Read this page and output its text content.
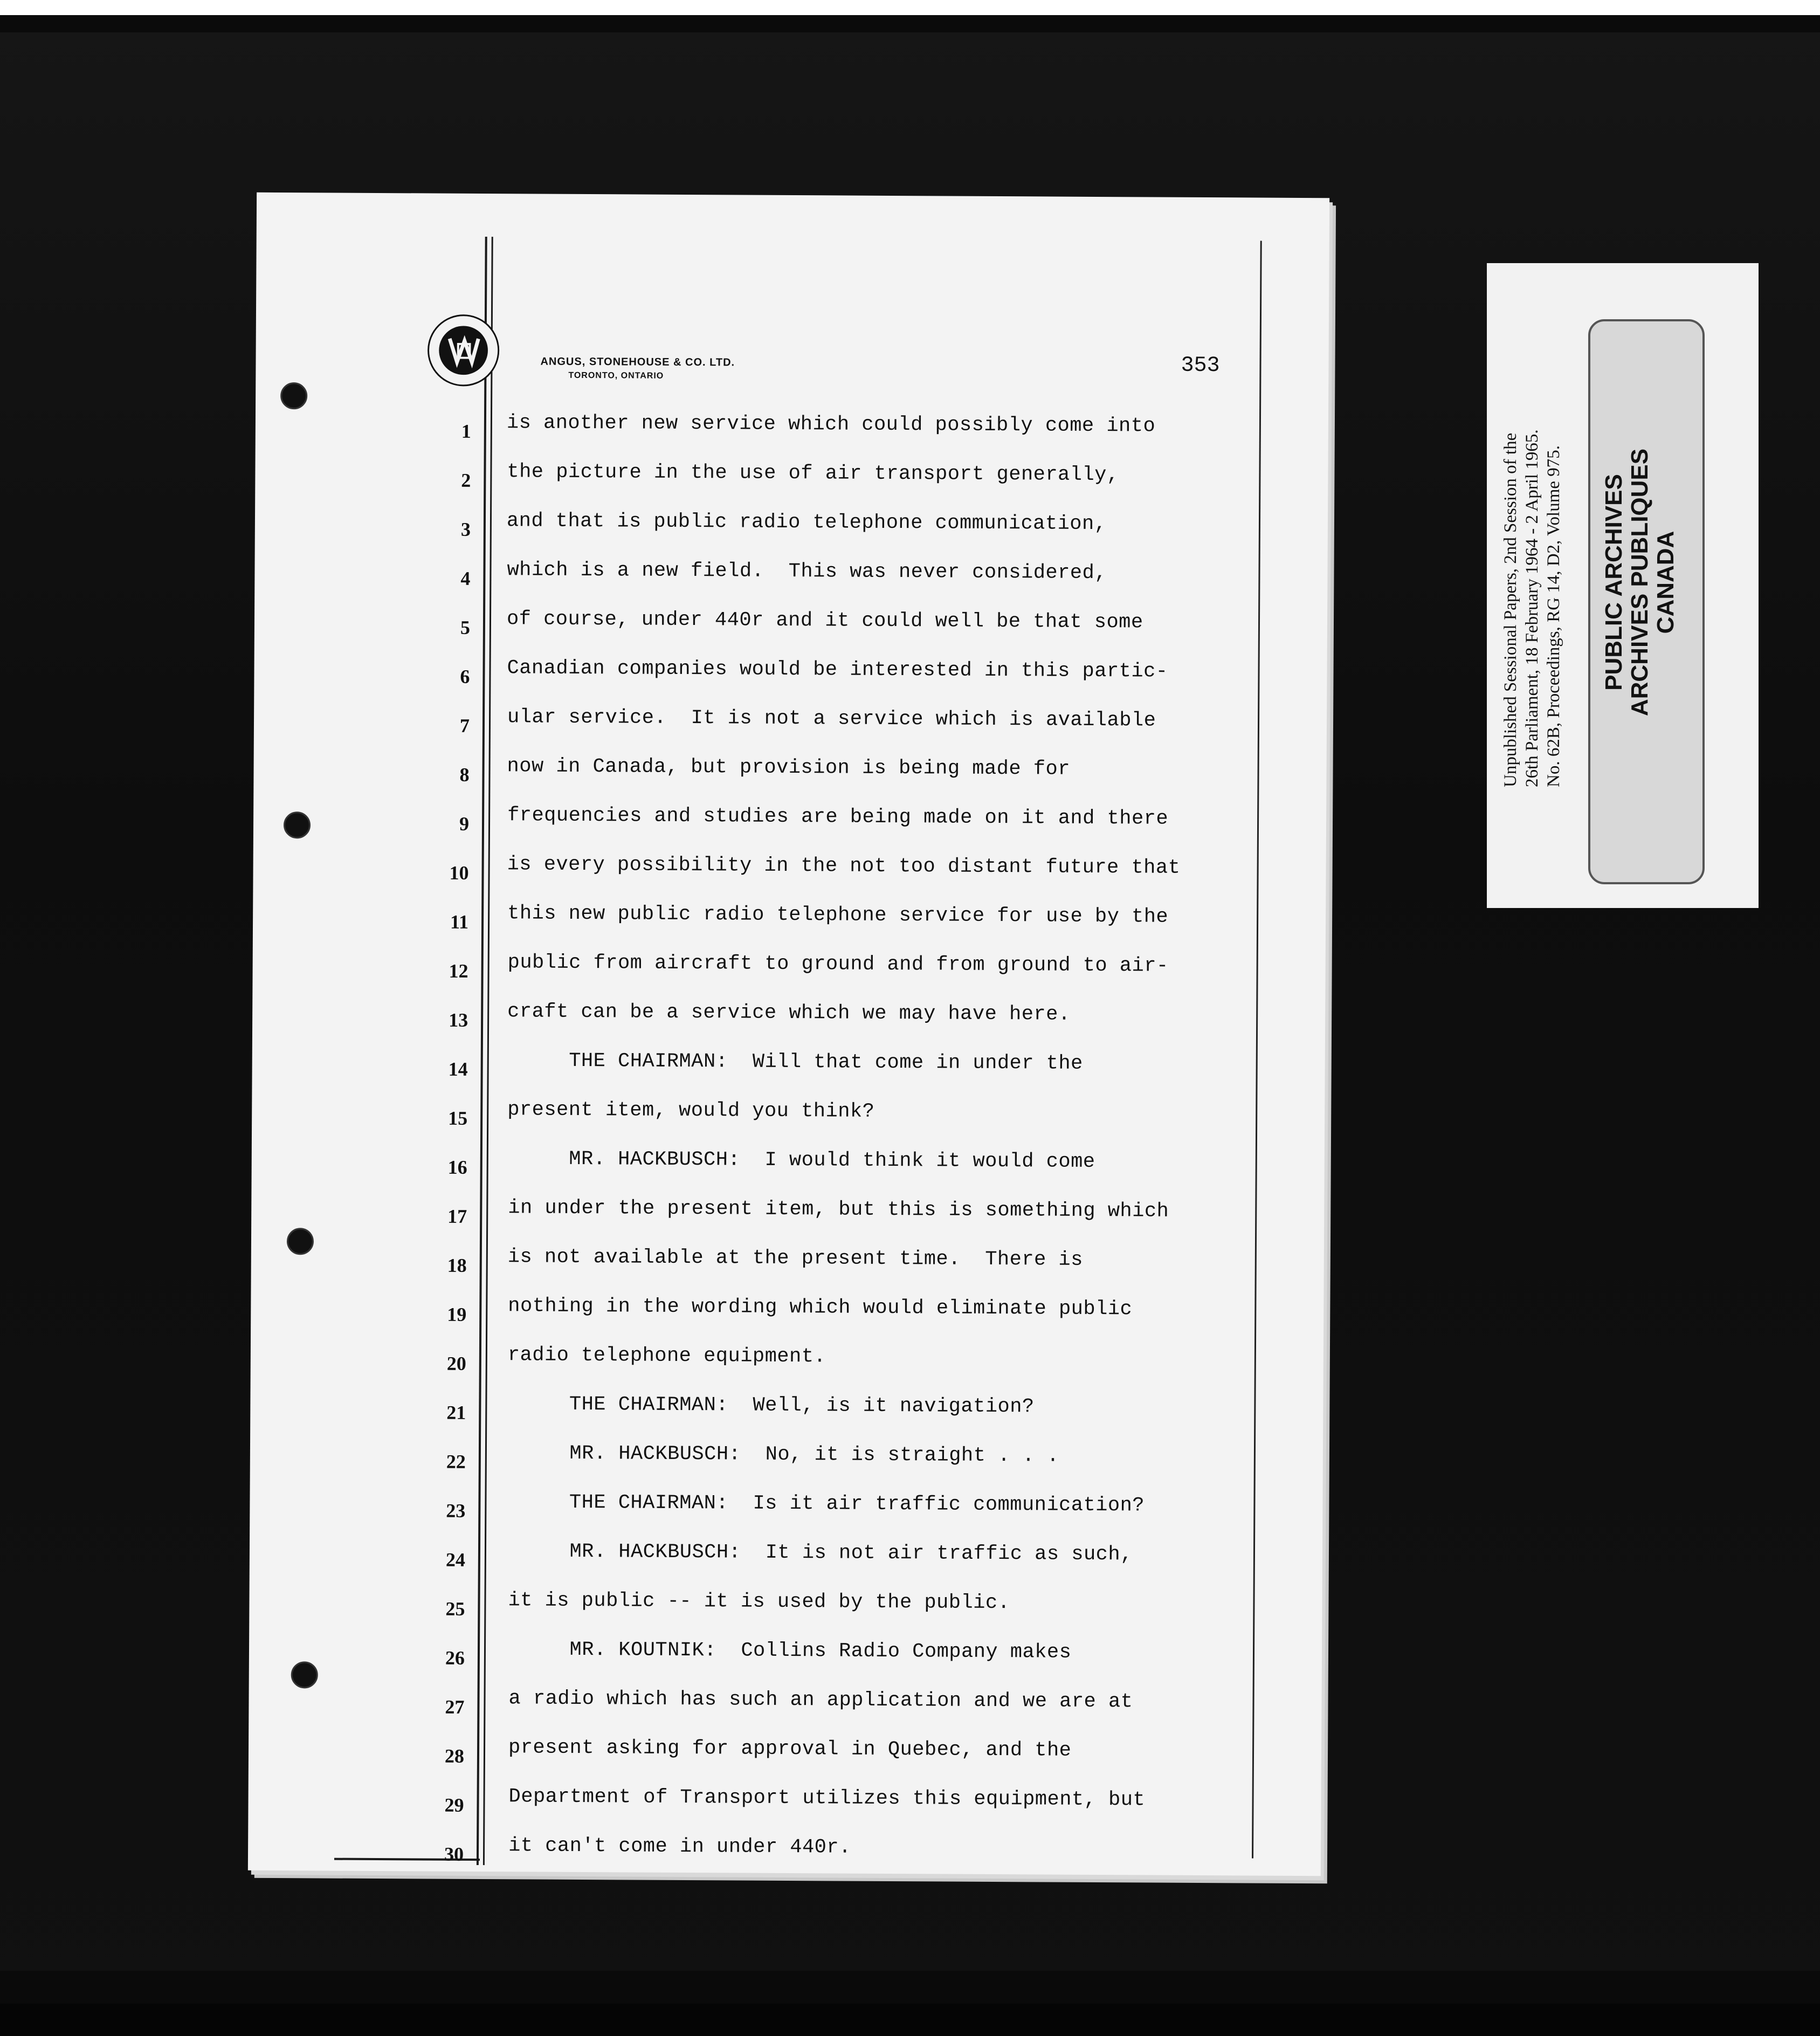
ANGUS, STONEHOUSE & CO. LTD.
TORONTO, ONTARIO	353
1 is another new service which could possibly come into
2 the picture in the use of air transport generally,
3 and that is public radio telephone communication,
4 which is a new field.  This was never considered,
5 of course, under 440r and it could well be that some
6 Canadian companies would be interested in this partic-
7 ular service.  It is not a service which is available
8 now in Canada, but provision is being made for
9 frequencies and studies are being made on it and there
10 is every possibility in the not too distant future that
11 this new public radio telephone service for use by the
12 public from aircraft to ground and from ground to air-
13 craft can be a service which we may have here.
14 THE CHAIRMAN:  Will that come in under the
15 present item, would you think?
16 MR. HACKBUSCH:  I would think it would come
17 in under the present item, but this is something which
18 is not available at the present time.  There is
19 nothing in the wording which would eliminate public
20 radio telephone equipment.
21 THE CHAIRMAN:  Well, is it navigation?
22 MR. HACKBUSCH:  No, it is straight . . .
23 THE CHAIRMAN:  Is it air traffic communication?
24 MR. HACKBUSCH:  It is not air traffic as such,
25 it is public -- it is used by the public.
26 MR. KOUTNIK:  Collins Radio Company makes
27 a radio which has such an application and we are at
28 present asking for approval in Quebec, and the
29 Department of Transport utilizes this equipment, but
30 it can't come in under 440r.
Unpublished Sessional Papers, 2nd Session of the 26th Parliament, 18 February 1964 - 2 April 1965. No. 62B, Proceedings, RG 14, D2, Volume 975. PUBLIC ARCHIVES ARCHIVES PUBLIQUES CANADA
